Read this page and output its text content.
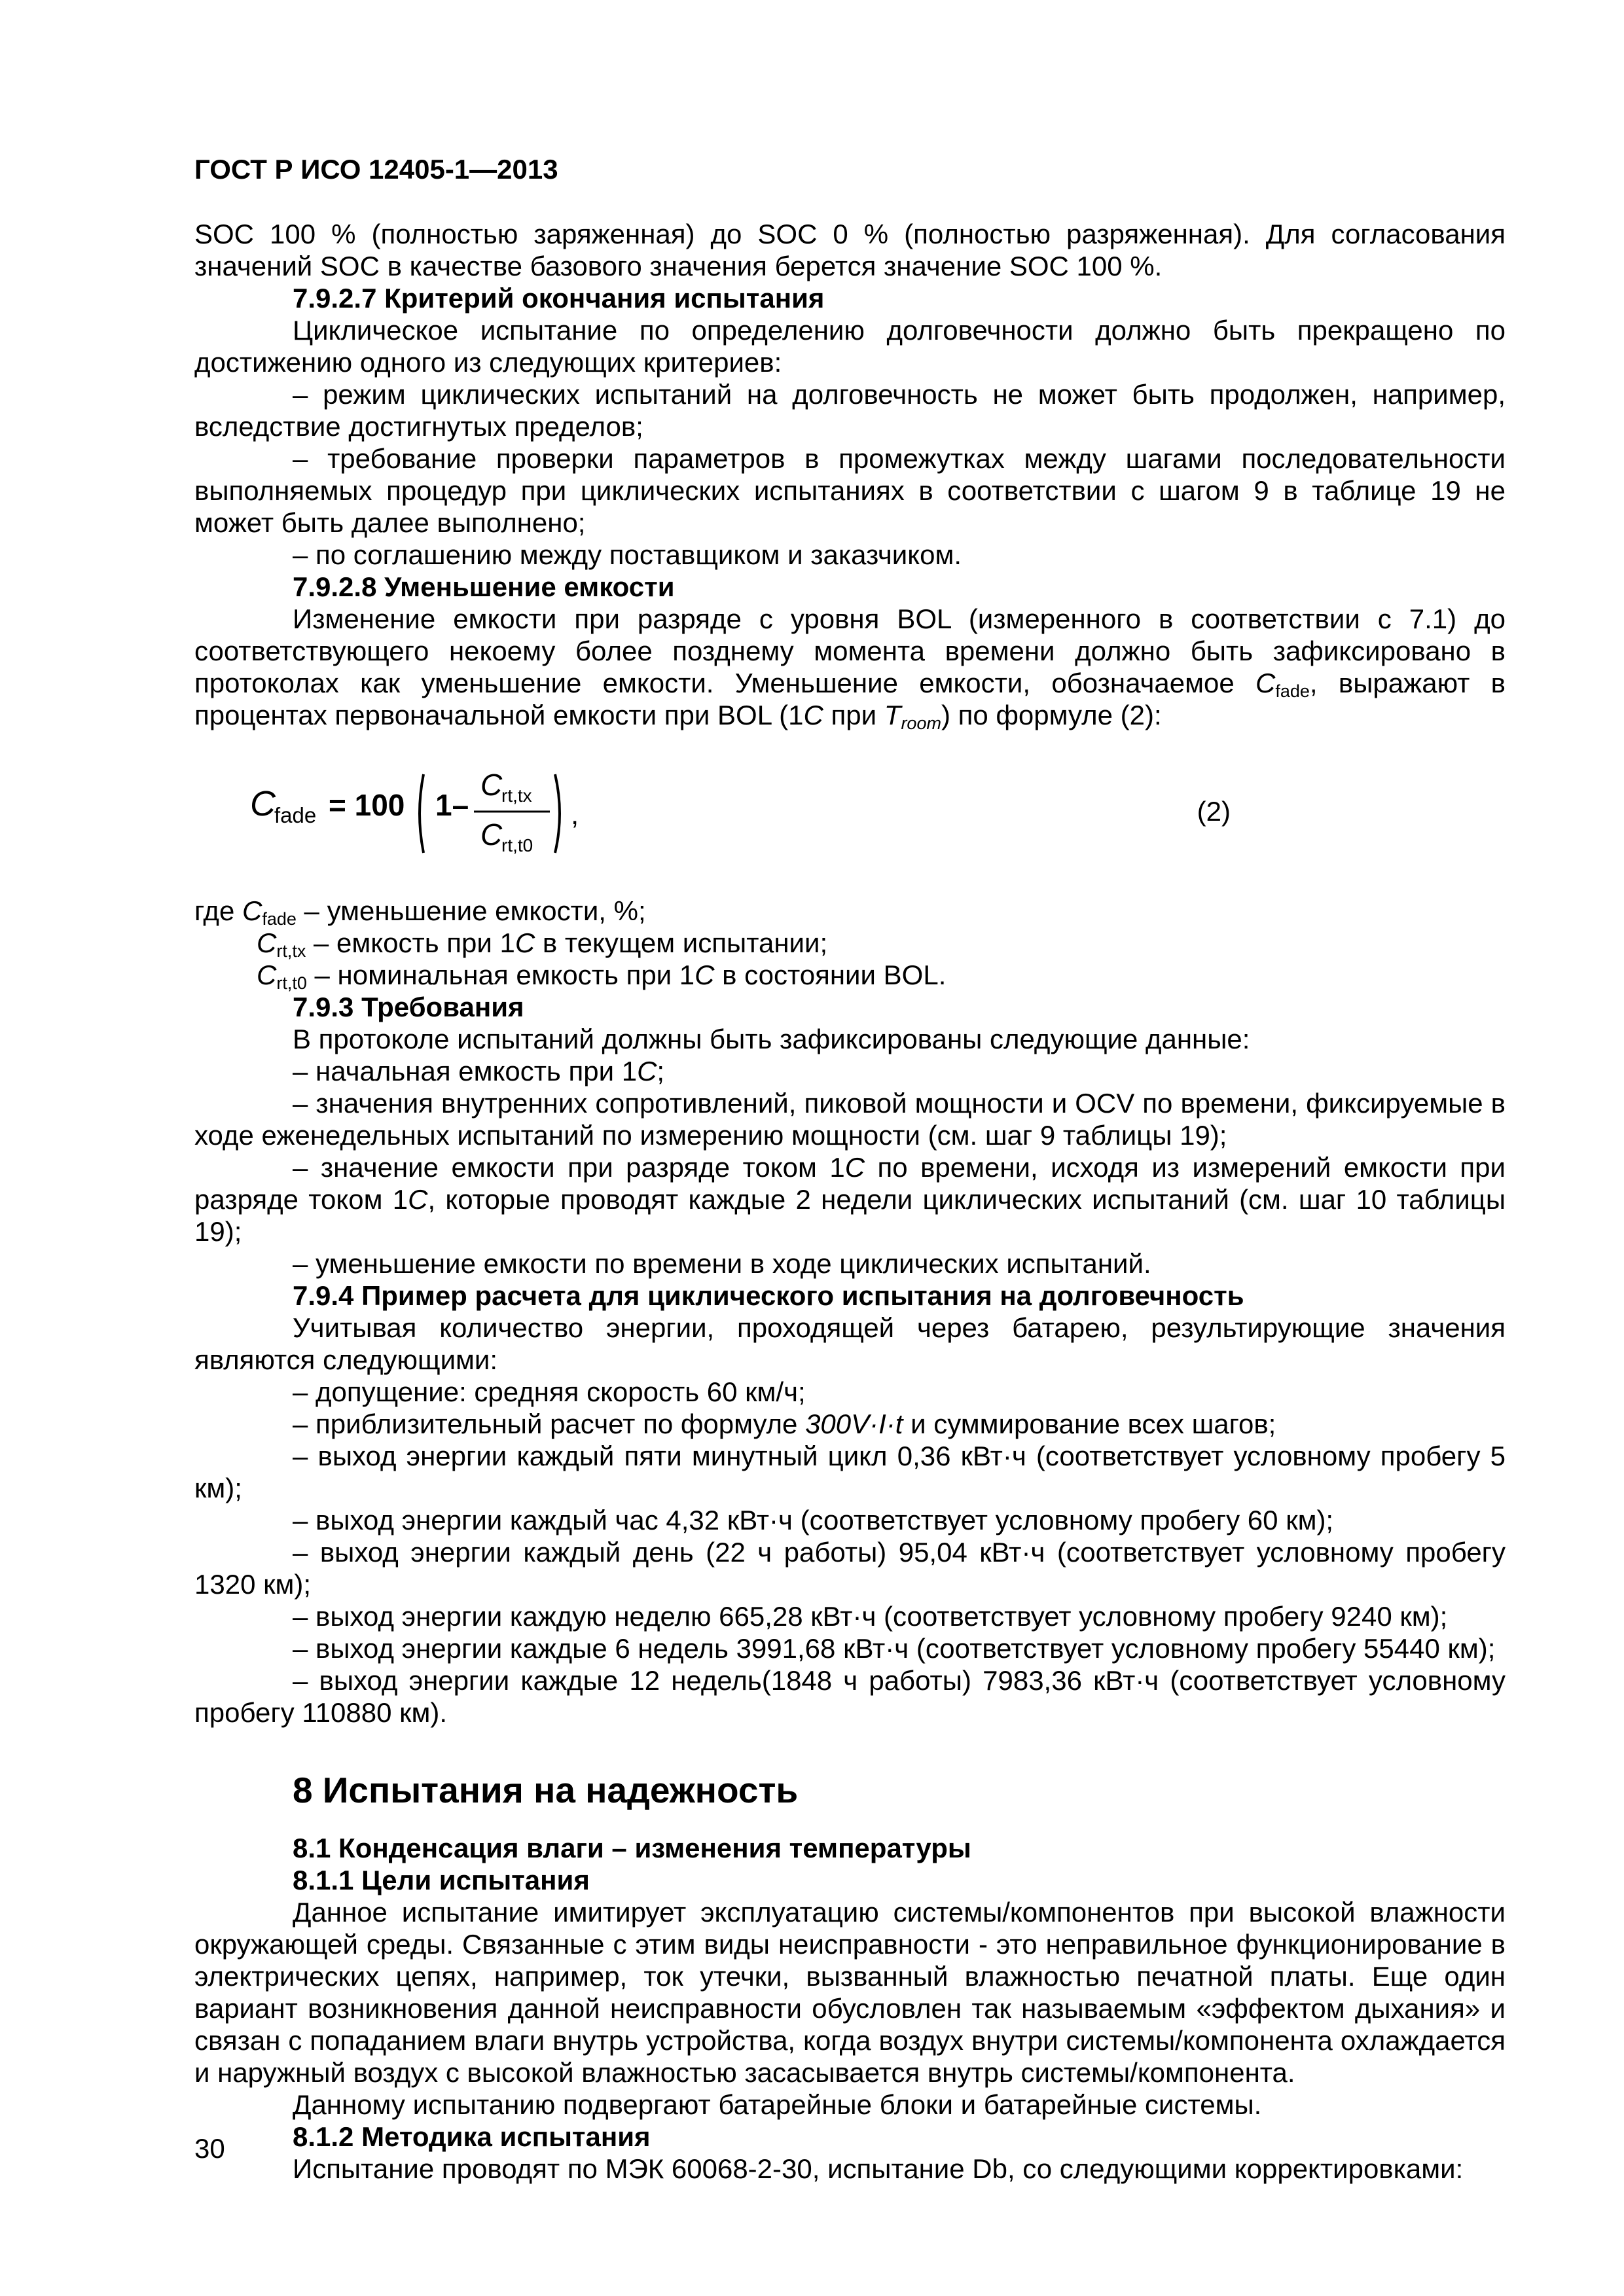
ГОСТ Р ИСО 12405-1—2013

SOC 100 % (полностью заряженная) до SOC 0 % (полностью разряженная). Для согласования значений SOC в качестве базового значения берется значение SOC 100 %.

7.9.2.7 Критерий окончания испытания

Циклическое испытание по определению долговечности должно быть прекращено по достижению одного из следующих критериев:

– режим циклических испытаний на долговечность не может быть продолжен, например, вследствие достигнутых пределов;

– требование проверки параметров в промежутках между шагами последовательности выполняемых процедур при циклических испытаниях в соответствии с шагом 9 в таблице 19 не может быть далее выполнено;

– по соглашению между поставщиком и заказчиком.

7.9.2.8 Уменьшение емкости

Изменение емкости при разряде с уровня BOL (измеренного в соответствии с 7.1) до соответствующего некоему более позднему момента времени должно быть зафиксировано в протоколах как уменьшение емкости. Уменьшение емкости, обозначаемое $C_{fade}$, выражают в процентах первоначальной емкости при BOL (1C при $T_{room}$) по формуле (2):

C
fade = 100 1–
C
rt,tx
C
rt,t0
,	(2)

где $C_{fade}$ – уменьшение емкости, %;

$C_{rt,tx}$ – емкость при 1C в текущем испытании;

$C_{rt,t0}$ – номинальная емкость при 1C в состоянии BOL.

7.9.3 Требования

В протоколе испытаний должны быть зафиксированы следующие данные:

– начальная емкость при 1C;

– значения внутренних сопротивлений, пиковой мощности и OCV по времени, фиксируемые в ходе еженедельных испытаний по измерению мощности (см. шаг 9 таблицы 19);

– значение емкости при разряде током 1C по времени, исходя из измерений емкости при разряде током 1C, которые проводят каждые 2 недели циклических испытаний (см. шаг 10 таблицы 19);

– уменьшение емкости по времени в ходе циклических испытаний.

7.9.4 Пример расчета для циклического испытания на долговечность

Учитывая количество энергии, проходящей через батарею, результирующие значения являются следующими:

– допущение: средняя скорость 60 км/ч;

– приблизительный расчет по формуле 300V·I·t и суммирование всех шагов;

– выход энергии каждый пяти минутный цикл 0,36 кВт·ч (соответствует условному пробегу 5 км);

– выход энергии каждый час 4,32 кВт·ч (соответствует условному пробегу 60 км);

– выход энергии каждый день (22 ч работы) 95,04 кВт·ч (соответствует условному пробегу 1320 км);

– выход энергии каждую неделю 665,28 кВт·ч (соответствует условному пробегу 9240 км);

– выход энергии каждые 6 недель 3991,68 кВт·ч (соответствует условному пробегу 55440 км);

– выход энергии каждые 12 недель(1848 ч работы) 7983,36 кВт·ч (соответствует условному пробегу 110880 км).

8 Испытания на надежность

8.1 Конденсация влаги – изменения температуры

8.1.1 Цели испытания

Данное испытание имитирует эксплуатацию системы/компонентов при высокой влажности окружающей среды. Связанные с этим виды неисправности - это неправильное функционирование в электрических цепях, например, ток утечки, вызванный влажностью печатной платы. Еще один вариант возникновения данной неисправности обусловлен так называемым «эффектом дыхания» и связан с попаданием влаги внутрь устройства, когда воздух внутри системы/компонента охлаждается и наружный воздух с высокой влажностью засасывается внутрь системы/компонента.

Данному испытанию подвергают батарейные блоки и батарейные системы.

8.1.2 Методика испытания

Испытание проводят по МЭК 60068-2-30, испытание Db, со следующими корректировками:

30
